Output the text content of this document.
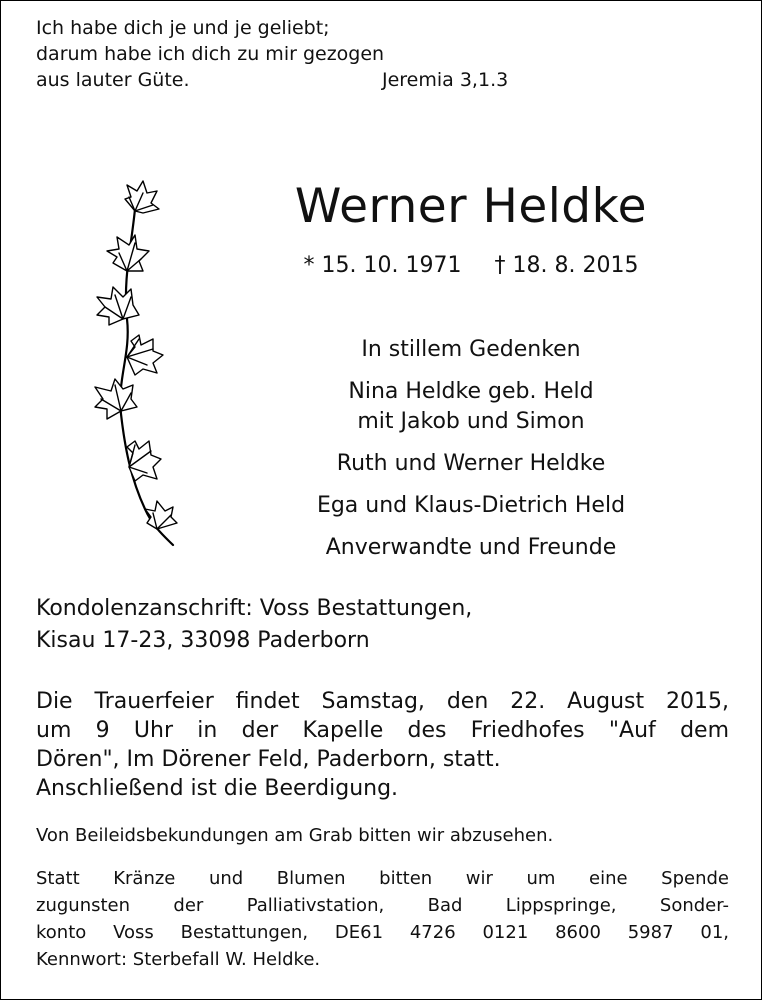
Ich habe dich je und je geliebt;
darum habe ich dich zu mir gezogen
aus lauter Güte.	Jeremia 3,1.3
Werner Heldke
* 15. 10. 1971 † 18. 8. 2015
In stillem Gedenken
Nina Heldke geb. Held
mit Jakob und Simon
Ruth und Werner Heldke
Ega und Klaus-Dietrich Held
Anverwandte und Freunde
Kondolenzanschrift: Voss Bestattungen,
Kisau 17-23, 33098 Paderborn
Die Trauerfeier findet Samstag, den 22. August 2015,
um 9 Uhr in der Kapelle des Friedhofes "Auf dem
Dören", Im Dörener Feld, Paderborn, statt.
Anschließend ist die Beerdigung.
Von Beileidsbekundungen am Grab bitten wir abzusehen.
Statt Kränze und Blumen bitten wir um eine Spende
zugunsten der Palliativstation, Bad Lippspringe, Sonder-
konto Voss Bestattungen, DE61 4726 0121 8600 5987 01,
Kennwort: Sterbefall W. Heldke.
